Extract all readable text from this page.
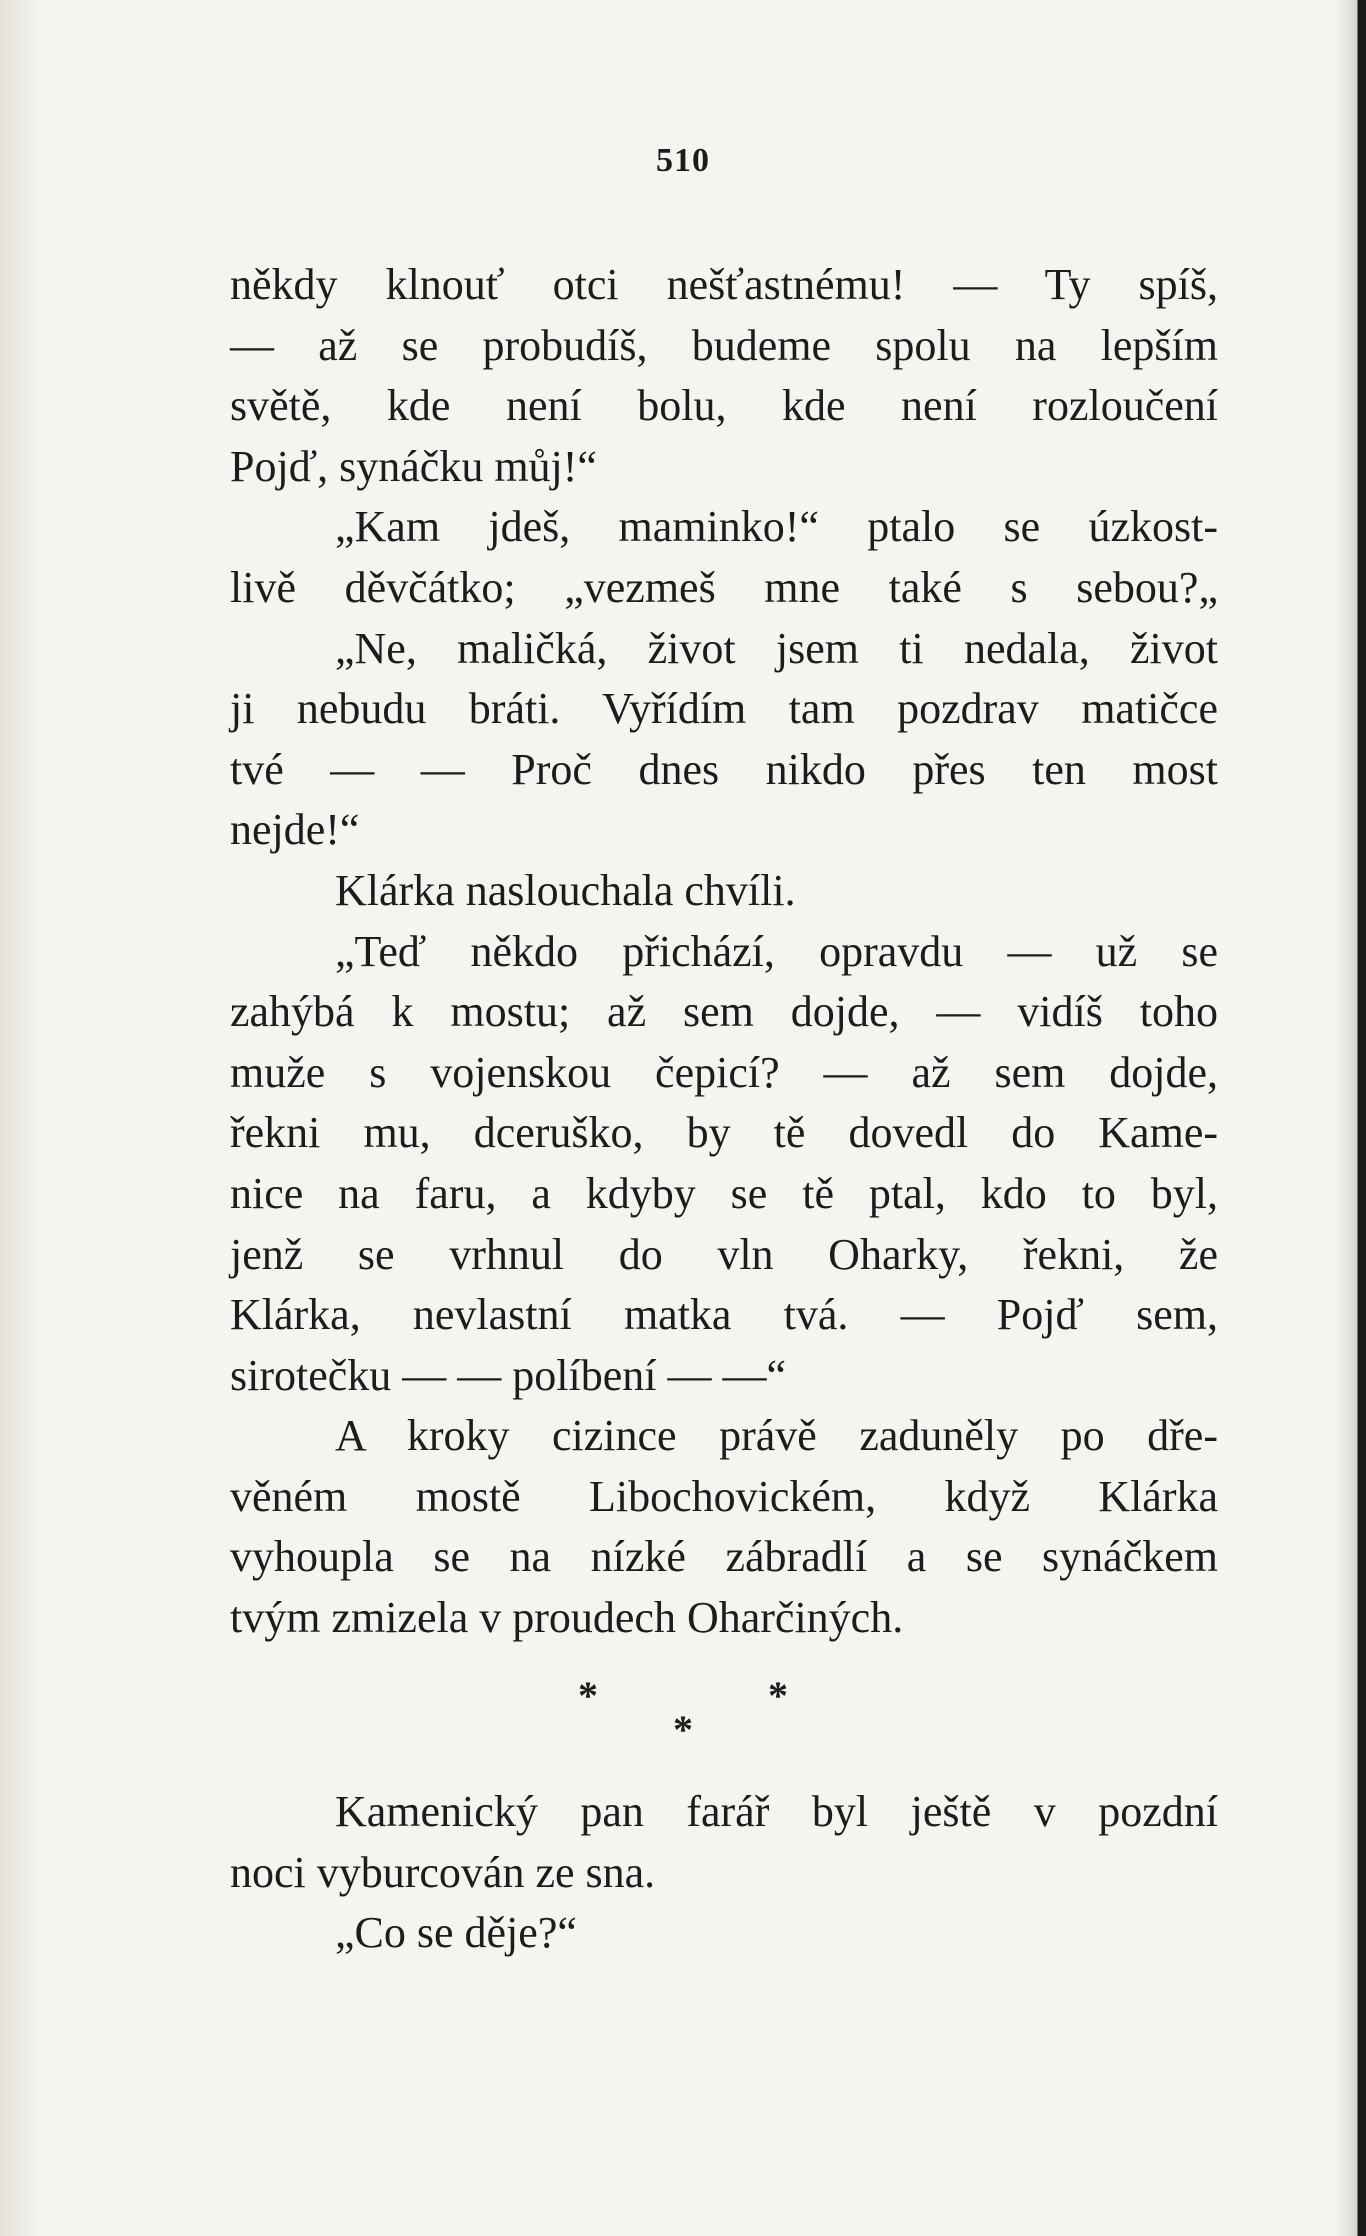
510
někdy klnouť otci nešťastnému! — Ty spíš,
— až se probudíš, budeme spolu na lepším
světě, kde není bolu, kde není rozloučení
Pojď, synáčku můj!“
„Kam jdeš, maminko!“ ptalo se úzkost-
livě děvčátko; „vezmeš mne také s sebou?„
„Ne, maličká, život jsem ti nedala, život
ji nebudu bráti. Vyřídím tam pozdrav matičce
tvé — — Proč dnes nikdo přes ten most
nejde!“
Klárka naslouchala chvíli.
„Teď někdo přichází, opravdu — už se
zahýbá k mostu; až sem dojde, — vidíš toho
muže s vojenskou čepicí? — až sem dojde,
řekni mu, dceruško, by tě dovedl do Kame-
nice na faru, a kdyby se tě ptal, kdo to byl,
jenž se vrhnul do vln Oharky, řekni, že
Klárka, nevlastní matka tvá. — Pojď sem,
sirotečku — — políbení — —“
A kroky cizince právě zaduněly po dře-
věném mostě Libochovickém, když Klárka
vyhoupla se na nízké zábradlí a se synáčkem
tvým zmizela v proudech Oharčiných.
* *
*
Kamenický pan farář byl ještě v pozdní
noci vyburcován ze sna.
„Co se děje?“
